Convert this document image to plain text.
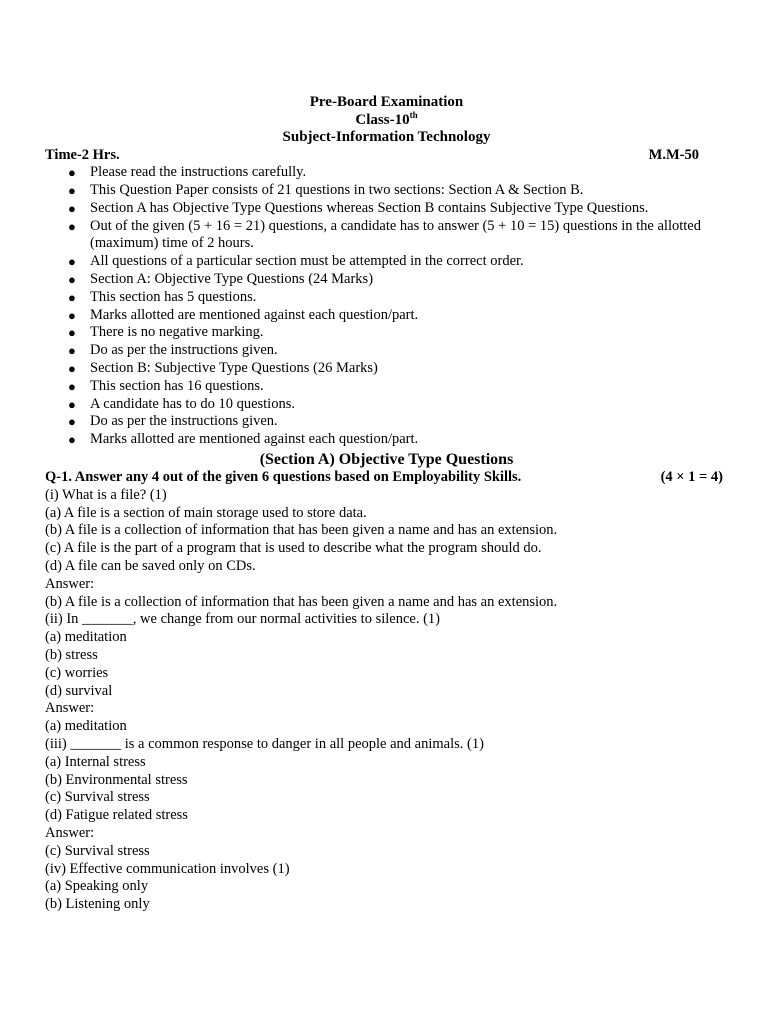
Pre-Board Examination
Class-10th
Subject-Information Technology
Time-2 Hrs.	M.M-50
● Please read the instructions carefully.
● This Question Paper consists of 21 questions in two sections: Section A & Section B.
● Section A has Objective Type Questions whereas Section B contains Subjective Type Questions.
● Out of the given (5 + 16 = 21) questions, a candidate has to answer (5 + 10 = 15) questions in the allotted (maximum) time of 2 hours.
● All questions of a particular section must be attempted in the correct order.
● Section A: Objective Type Questions (24 Marks)
● This section has 5 questions.
● Marks allotted are mentioned against each question/part.
● There is no negative marking.
● Do as per the instructions given.
● Section B: Subjective Type Questions (26 Marks)
● This section has 16 questions.
● A candidate has to do 10 questions.
● Do as per the instructions given.
● Marks allotted are mentioned against each question/part.
(Section A) Objective Type Questions
Q-1. Answer any 4 out of the given 6 questions based on Employability Skills.	(4 × 1 = 4)
(i) What is a file? (1)
(a) A file is a section of main storage used to store data.
(b) A file is a collection of information that has been given a name and has an extension.
(c) A file is the part of a program that is used to describe what the program should do.
(d) A file can be saved only on CDs.
Answer:
(b) A file is a collection of information that has been given a name and has an extension.
(ii) In _______, we change from our normal activities to silence. (1)
(a) meditation
(b) stress
(c) worries
(d) survival
Answer:
(a) meditation
(iii) _______ is a common response to danger in all people and animals. (1)
(a) Internal stress
(b) Environmental stress
(c) Survival stress
(d) Fatigue related stress
Answer:
(c) Survival stress
(iv) Effective communication involves (1)
(a) Speaking only
(b) Listening only
